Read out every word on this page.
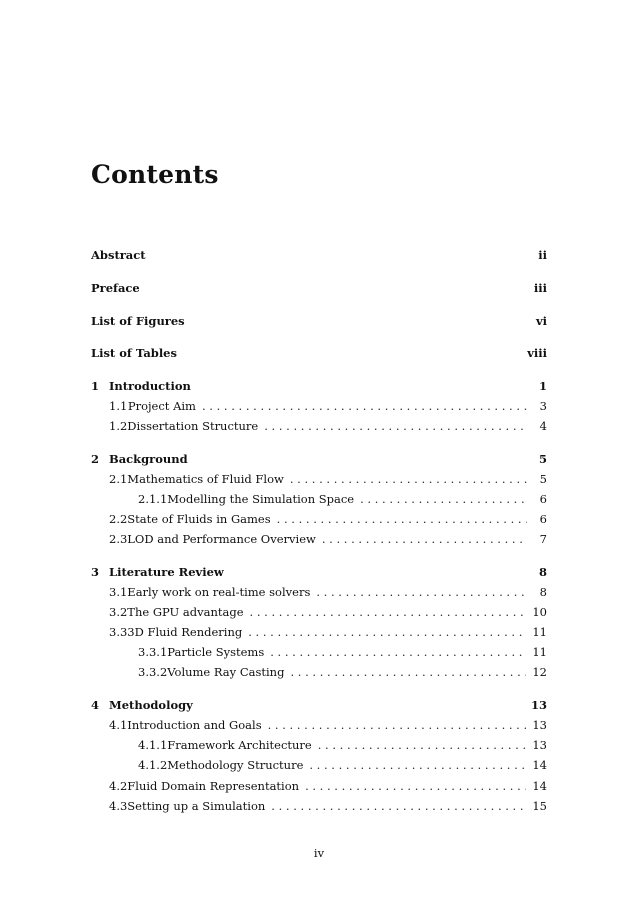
Contents
Abstract	ii
Preface	iii
List of Figures	vi
List of Tables	viii
1 Introduction	1
1.1 Project Aim . . .	3
1.2 Dissertation Structure . . .	4
2 Background	5
2.1 Mathematics of Fluid Flow . . .	5
2.1.1 Modelling the Simulation Space . . .	6
2.2 State of Fluids in Games . . .	6
2.3 LOD and Performance Overview . . .	7
3 Literature Review	8
3.1 Early work on real-time solvers . . .	8
3.2 The GPU advantage . . .	10
3.3 3D Fluid Rendering . . .	11
3.3.1 Particle Systems . . .	11
3.3.2 Volume Ray Casting . . .	12
4 Methodology	13
4.1 Introduction and Goals . . .	13
4.1.1 Framework Architecture . . .	13
4.1.2 Methodology Structure . . .	14
4.2 Fluid Domain Representation . . .	14
4.3 Setting up a Simulation . . .	15
iv
